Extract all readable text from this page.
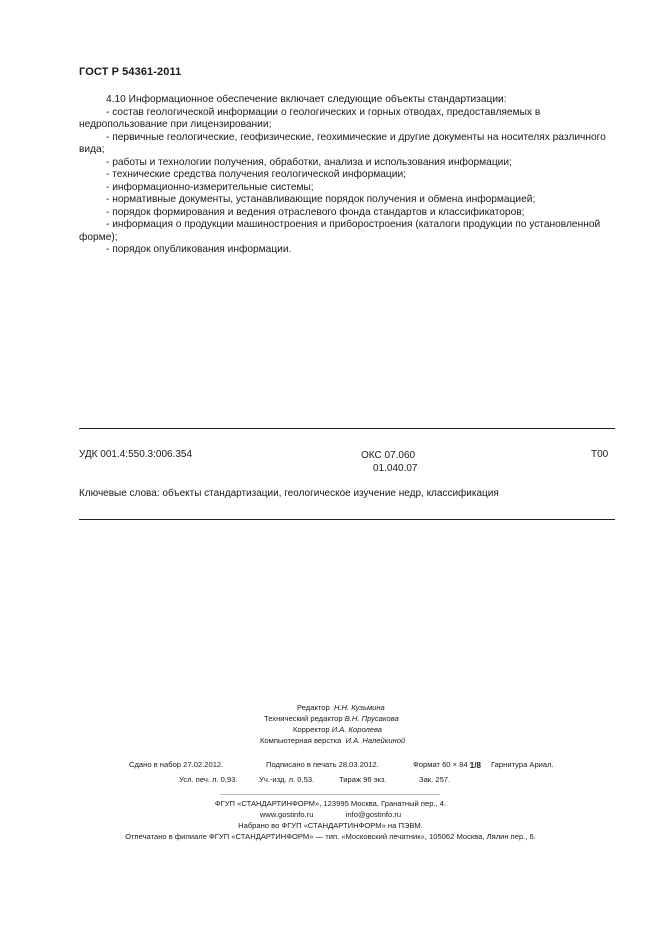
ГОСТ Р 54361-2011

4.10 Информационное обеспечение включает следующие объекты стандартизации:

- состав геологической информации о геологических и горных отводах, предоставляемых в недропользование при лицензировании;

- первичные геологические, геофизические, геохимические и другие документы на носителях различного вида;

- работы и технологии получения, обработки, анализа и использования информации;

- технические средства получения геологической информации;

- информационно-измерительные системы;

- нормативные документы, устанавливающие порядок получения и обмена информацией;

- порядок формирования и ведения отраслевого фонда стандартов и классификаторов;

- информация о продукции машиностроения и приборостроения (каталоги продукции по установленной форме);

- порядок опубликования информации.

УДК 001.4:550.3:006.354	ОКС 07.060
01.040.07
Т00
Ключевые слова: объекты стандартизации, геологическое изучение недр, классификация
Редактор Н.Н. Кузьмина
Технический редактор В.Н. Прусакова
Корректор И.А. Королева
Компьютерная верстка И.А. Налейкиной
Сдано в набор 27.02.2012.	Подписано в печать 28.03.2012.	Формат 60 × 84 1/8 Гарнитура Ариал.
Усл. печ. л. 0,93.	Уч.-изд. л. 0,53.	Тираж 96 экз.	Зак. 257.
ФГУП «СТАНДАРТИНФОРМ», 123995 Москва, Гранатный пер., 4.
www.gostinfo.ru	info@gostinfo.ru
Набрано во ФГУП «СТАНДАРТИНФОРМ» на ПЭВМ.
Отпечатано в филиале ФГУП «СТАНДАРТИНФОРМ» — тип. «Московский печатник», 105062 Москва, Лялин пер., 6.
